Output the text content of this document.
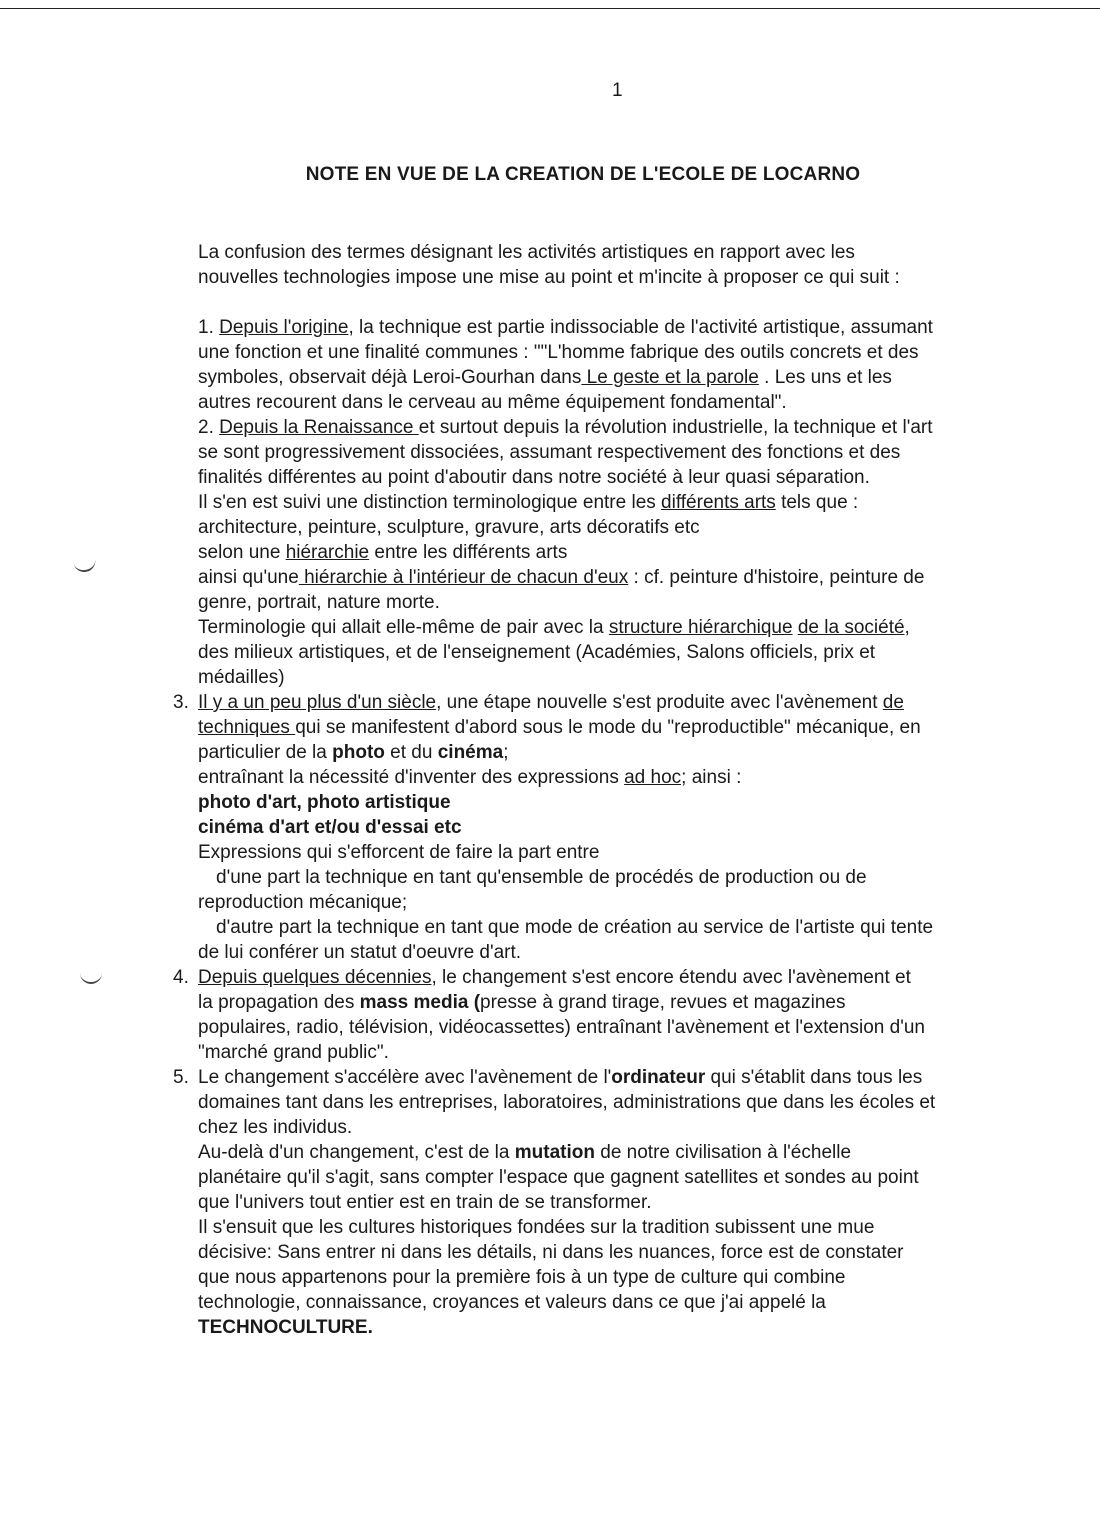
1
NOTE EN VUE DE LA CREATION DE L'ECOLE DE LOCARNO

La confusion des termes désignant les activités artistiques en rapport avec les

nouvelles technologies impose une mise au point et m'incite à proposer ce qui suit :

1. Depuis l'origine, la technique est partie indissociable de l'activité artistique, assumant

une fonction et une finalité communes : ""L'homme fabrique des outils concrets et des

symboles, observait déjà Leroi-Gourhan dans Le geste et la parole . Les uns et les

autres recourent dans le cerveau au même équipement fondamental".

2. Depuis la Renaissance et surtout depuis la révolution industrielle, la technique et l'art

se sont progressivement dissociées, assumant respectivement des fonctions et des

finalités différentes au point d'aboutir dans notre société à leur quasi séparation.

Il s'en est suivi une distinction terminologique entre les différents arts tels que :

architecture, peinture, sculpture, gravure, arts décoratifs etc

selon une hiérarchie entre les différents arts

ainsi qu'une hiérarchie à l'intérieur de chacun d'eux : cf. peinture d'histoire, peinture de

genre, portrait, nature morte.

Terminologie qui allait elle-même de pair avec la structure hiérarchique de la société,

des milieux artistiques, et de l'enseignement (Académies, Salons officiels, prix et

médailles)

3. Il y a un peu plus d'un siècle, une étape nouvelle s'est produite avec l'avènement de

techniques qui se manifestent d'abord sous le mode du "reproductible" mécanique, en

particulier de la photo et du cinéma;

entraînant la nécessité d'inventer des expressions ad hoc; ainsi :

photo d'art, photo artistique

cinéma d'art et/ou d'essai etc

Expressions qui s'efforcent de faire la part entre

d'une part la technique en tant qu'ensemble de procédés de production ou de

reproduction mécanique;

d'autre part la technique en tant que mode de création au service de l'artiste qui tente

de lui conférer un statut d'oeuvre d'art.

4. Depuis quelques décennies, le changement s'est encore étendu avec l'avènement et

la propagation des mass media (presse à grand tirage, revues et magazines

populaires, radio, télévision, vidéocassettes) entraînant l'avènement et l'extension d'un

"marché grand public".

5. Le changement s'accélère avec l'avènement de l'ordinateur qui s'établit dans tous les

domaines tant dans les entreprises, laboratoires, administrations que dans les écoles et

chez les individus.

Au-delà d'un changement, c'est de la mutation de notre civilisation à l'échelle

planétaire qu'il s'agit, sans compter l'espace que gagnent satellites et sondes au point

que l'univers tout entier est en train de se transformer.

Il s'ensuit que les cultures historiques fondées sur la tradition subissent une mue

décisive: Sans entrer ni dans les détails, ni dans les nuances, force est de constater

que nous appartenons pour la première fois à un type de culture qui combine

technologie, connaissance, croyances et valeurs dans ce que j'ai appelé la

TECHNOCULTURE.
